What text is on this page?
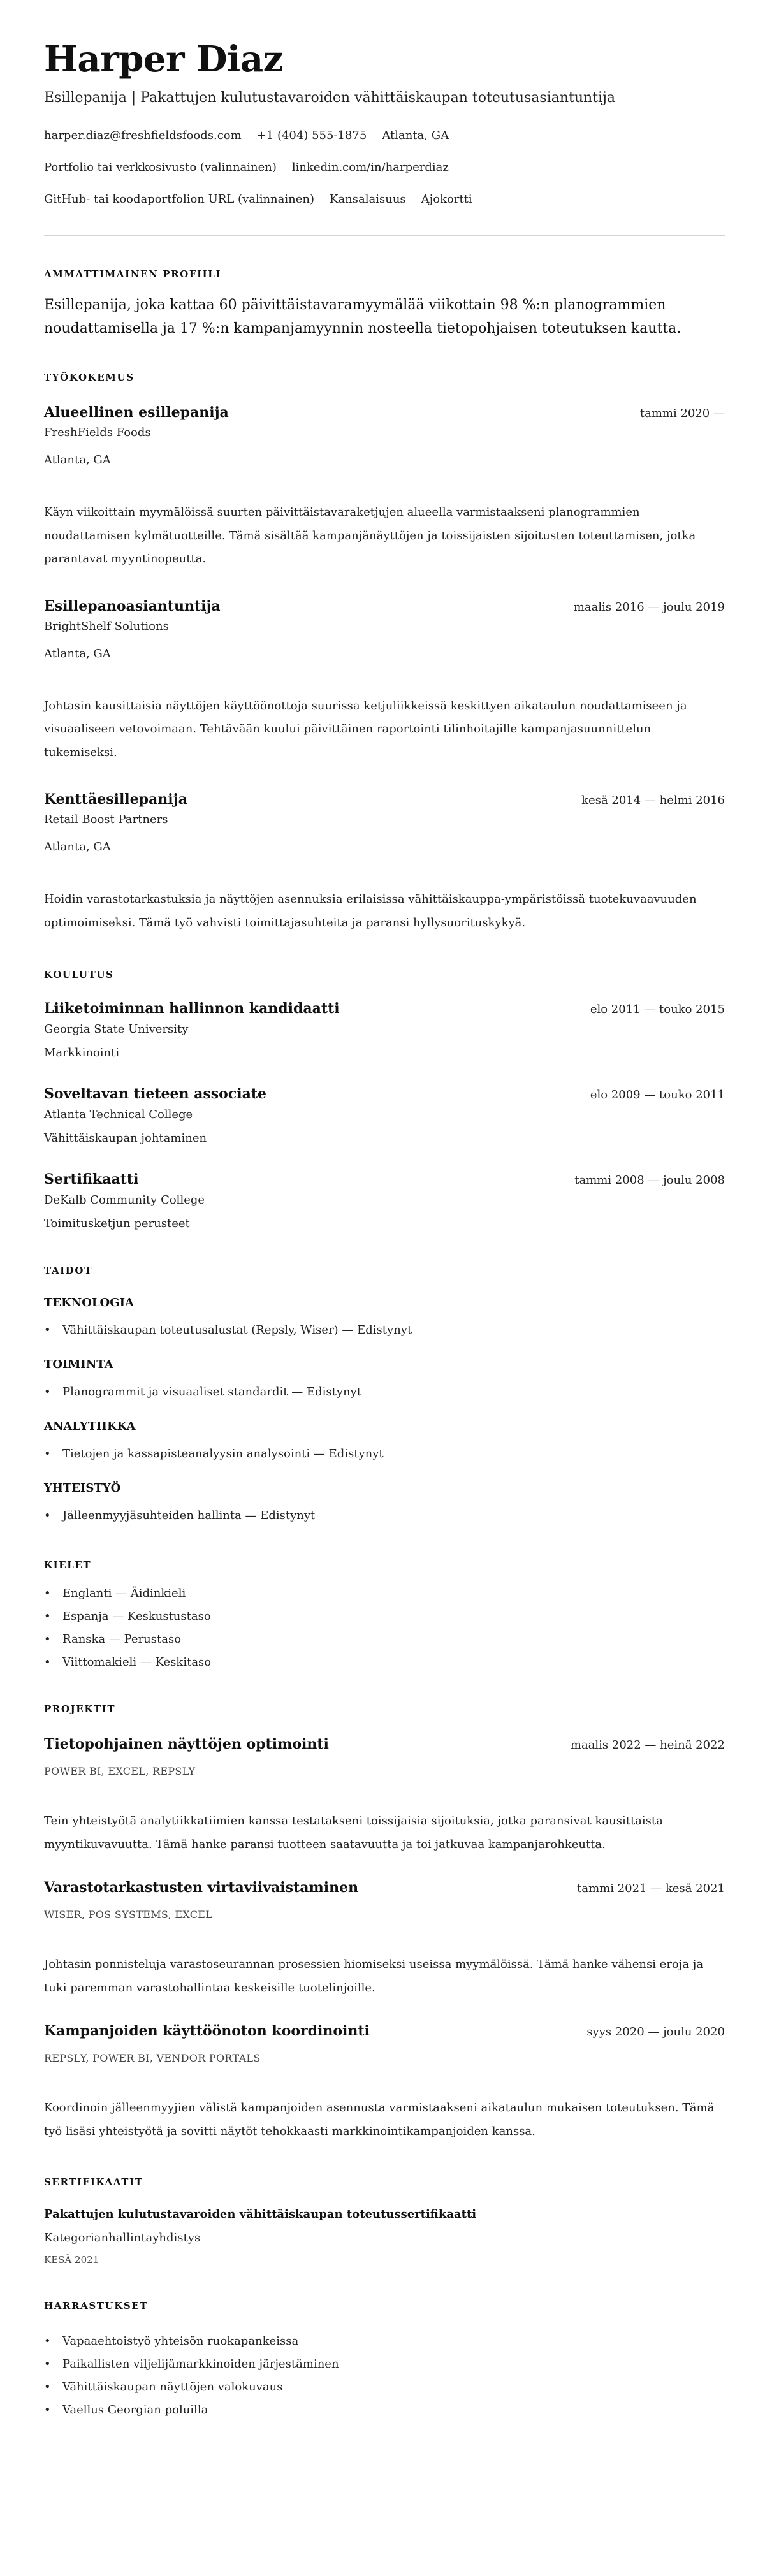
Harper Diaz
Esillepanija | Pakattujen kulutustavaroiden vähittäiskaupan toteutusasiantuntija
harper.diaz@freshfieldsfoods.com +1 (404) 555-1875 Atlanta, GA
Portfolio tai verkkosivusto (valinnainen) linkedin.com/in/harperdiaz
GitHub- tai koodaportfolion URL (valinnainen) Kansalaisuus Ajokortti
AMMATTIMAINEN PROFIILI
Esillepanija, joka kattaa 60 päivittäistavaramyymälää viikottain 98 %:n planogrammien noudattamisella ja 17 %:n kampanjamyynnin nosteella tietopohjaisen toteutuksen kautta.
TYÖKOKEMUS
Alueellinen esillepanija	tammi 2020 —
FreshFields Foods
Atlanta, GA
Käyn viikoittain myymälöissä suurten päivittäistavaraketjujen alueella varmistaakseni planogrammien noudattamisen kylmätuotteille. Tämä sisältää kampanjänäyttöjen ja toissijaisten sijoitusten toteuttamisen, jotka parantavat myyntinopeutta.
Esillepanoasiantuntija	maalis 2016 — joulu 2019
BrightShelf Solutions
Atlanta, GA
Johtasin kausittaisia näyttöjen käyttöönottoja suurissa ketjuliikkeissä keskittyen aikataulun noudattamiseen ja visuaaliseen vetovoimaan. Tehtävään kuului päivittäinen raportointi tilinhoitajille kampanjasuunnittelun tukemiseksi.
Kenttäesillepanija	kesä 2014 — helmi 2016
Retail Boost Partners
Atlanta, GA
Hoidin varastotarkastuksia ja näyttöjen asennuksia erilaisissa vähittäiskauppa-ympäristöissä tuotekuvaavuuden optimoimiseksi. Tämä työ vahvisti toimittajasuhteita ja paransi hyllysuorituskykyä.
KOULUTUS
Liiketoiminnan hallinnon kandidaatti	elo 2011 — touko 2015
Georgia State University
Markkinointi
Soveltavan tieteen associate	elo 2009 — touko 2011
Atlanta Technical College
Vähittäiskaupan johtaminen
Sertifikaatti	tammi 2008 — joulu 2008
DeKalb Community College
Toimitusketjun perusteet
TAIDOT
TEKNOLOGIA
• Vähittäiskaupan toteutusalustat (Repsly, Wiser) — Edistynyt
TOIMINTA
• Planogrammit ja visuaaliset standardit — Edistynyt
ANALYTIIKKA
• Tietojen ja kassapisteanalyysin analysointi — Edistynyt
YHTEISTYÖ
• Jälleenmyyjäsuhteiden hallinta — Edistynyt
KIELET
• Englanti — Äidinkieli
• Espanja — Keskustustaso
• Ranska — Perustaso
• Viittomakieli — Keskitaso
PROJEKTIT
Tietopohjainen näyttöjen optimointi	maalis 2022 — heinä 2022
POWER BI, EXCEL, REPSLY
Tein yhteistyötä analytiikkatiimien kanssa testatakseni toissijaisia sijoituksia, jotka paransivat kausittaista myyntikuvavuutta. Tämä hanke paransi tuotteen saatavuutta ja toi jatkuvaa kampanjarohkeutta.
Varastotarkastusten virtaviivaistaminen	tammi 2021 — kesä 2021
WISER, POS SYSTEMS, EXCEL
Johtasin ponnisteluja varastoseurannan prosessien hiomiseksi useissa myymälöissä. Tämä hanke vähensi eroja ja tuki paremman varastohallintaa keskeisille tuotelinjoille.
Kampanjoiden käyttöönoton koordinointi	syys 2020 — joulu 2020
REPSLY, POWER BI, VENDOR PORTALS
Koordinoin jälleenmyyjien välistä kampanjoiden asennusta varmistaakseni aikataulun mukaisen toteutuksen. Tämä työ lisäsi yhteistyötä ja sovitti näytöt tehokkaasti markkinointikampanjoiden kanssa.
SERTIFIKAATIT
Pakattujen kulutustavaroiden vähittäiskaupan toteutussertifikaatti
Kategorianhallintayhdistys
KESÄ 2021
HARRASTUKSET
• Vapaaehtoistyö yhteisön ruokapankeissa
• Paikallisten viljelijämarkkinoiden järjestäminen
• Vähittäiskaupan näyttöjen valokuvaus
• Vaellus Georgian poluilla
